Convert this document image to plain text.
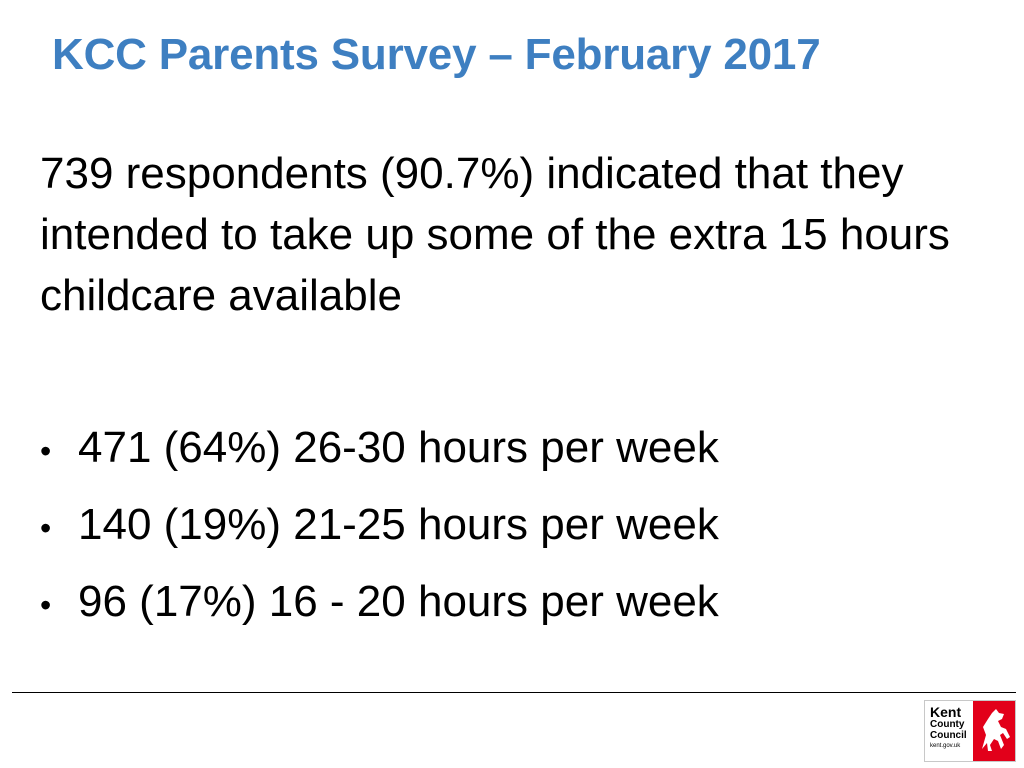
KCC Parents Survey – February 2017
739 respondents (90.7%) indicated that they intended to take up some of the extra 15 hours childcare available
• 471 (64%) 26-30 hours per week
• 140 (19%) 21-25 hours per week
• 96 (17%) 16 - 20 hours per week
Kent
County
Council
kent.gov.uk
